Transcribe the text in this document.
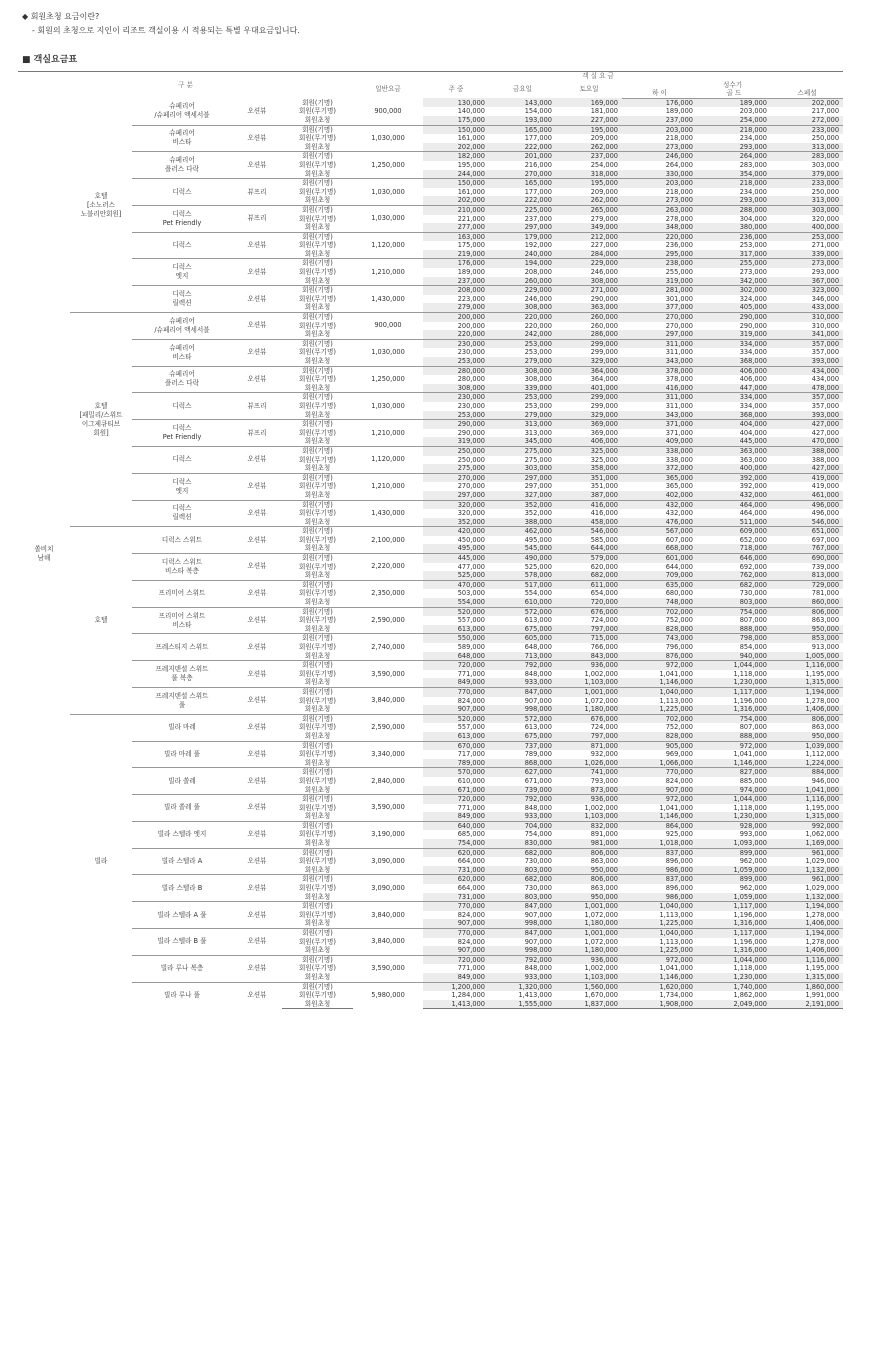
◆ 회원초청 요금이란?
- 회원의 초청으로 지인이 리조트 객실이용 시 적용되는 특별 우대요금입니다.
■ 객실요금표
구 분					객 실 요 금						
					일반요금	주 중	금요일	토요일	성수기		
									하 이	골 드	스페셜
쏠비치
남해	호텔
[소노러스
노블리안회원]	슈페리어
/슈페리어 액세서블	오션뷰	회원(기명)	900,000	130,000	143,000	169,000	176,000	189,000	202,000
				회원(무기명)		140,000	154,000	181,000	189,000	203,000	217,000
				회원초청		175,000	193,000	227,000	237,000	254,000	272,000
		슈페리어
비스타	오션뷰	회원(기명)	1,030,000	150,000	165,000	195,000	203,000	218,000	233,000
				회원(무기명)		161,000	177,000	209,000	218,000	234,000	250,000
				회원초청		202,000	222,000	262,000	273,000	293,000	313,000
		슈페리어
플러스 다락	오션뷰	회원(기명)	1,250,000	182,000	201,000	237,000	246,000	264,000	283,000
				회원(무기명)		195,000	216,000	254,000	264,000	283,000	303,000
				회원초청		244,000	270,000	318,000	330,000	354,000	379,000
		디럭스	뷰프리	회원(기명)	1,030,000	150,000	165,000	195,000	203,000	218,000	233,000
				회원(무기명)		161,000	177,000	209,000	218,000	234,000	250,000
				회원초청		202,000	222,000	262,000	273,000	293,000	313,000
		디럭스
Pet Friendly	뷰프리	회원(기명)	1,030,000	210,000	225,000	265,000	263,000	288,000	303,000
				회원(무기명)		221,000	237,000	279,000	278,000	304,000	320,000
				회원초청		277,000	297,000	349,000	348,000	380,000	400,000
		디럭스	오션뷰	회원(기명)	1,120,000	163,000	179,000	212,000	220,000	236,000	253,000
				회원(무기명)		175,000	192,000	227,000	236,000	253,000	271,000
				회원초청		219,000	240,000	284,000	295,000	317,000	339,000
		디럭스
엣지	오션뷰	회원(기명)	1,210,000	176,000	194,000	229,000	238,000	255,000	273,000
				회원(무기명)		189,000	208,000	246,000	255,000	273,000	293,000
				회원초청		237,000	260,000	308,000	319,000	342,000	367,000
		디럭스
릴렉션	오션뷰	회원(기명)	1,430,000	208,000	229,000	271,000	281,000	302,000	323,000
				회원(무기명)		223,000	246,000	290,000	301,000	324,000	346,000
				회원초청		279,000	308,000	363,000	377,000	405,000	433,000
	호텔
[패밀리/스위트
이그제큐티브
회원]	슈페리어
/슈페리어 액세서블	오션뷰	회원(기명)	900,000	200,000	220,000	260,000	270,000	290,000	310,000
				회원(무기명)		200,000	220,000	260,000	270,000	290,000	310,000
				회원초청		220,000	242,000	286,000	297,000	319,000	341,000
		슈페리어
비스타	오션뷰	회원(기명)	1,030,000	230,000	253,000	299,000	311,000	334,000	357,000
				회원(무기명)		230,000	253,000	299,000	311,000	334,000	357,000
				회원초청		253,000	279,000	329,000	343,000	368,000	393,000
		슈페리어
플러스 다락	오션뷰	회원(기명)	1,250,000	280,000	308,000	364,000	378,000	406,000	434,000
				회원(무기명)		280,000	308,000	364,000	378,000	406,000	434,000
				회원초청		308,000	339,000	401,000	416,000	447,000	478,000
		디럭스	뷰프리	회원(기명)	1,030,000	230,000	253,000	299,000	311,000	334,000	357,000
				회원(무기명)		230,000	253,000	299,000	311,000	334,000	357,000
				회원초청		253,000	279,000	329,000	343,000	368,000	393,000
		디럭스
Pet Friendly	뷰프리	회원(기명)	1,210,000	290,000	313,000	369,000	371,000	404,000	427,000
				회원(무기명)		290,000	313,000	369,000	371,000	404,000	427,000
				회원초청		319,000	345,000	406,000	409,000	445,000	470,000
		디럭스	오션뷰	회원(기명)	1,120,000	250,000	275,000	325,000	338,000	363,000	388,000
				회원(무기명)		250,000	275,000	325,000	338,000	363,000	388,000
				회원초청		275,000	303,000	358,000	372,000	400,000	427,000
		디럭스
엣지	오션뷰	회원(기명)	1,210,000	270,000	297,000	351,000	365,000	392,000	419,000
				회원(무기명)		270,000	297,000	351,000	365,000	392,000	419,000
				회원초청		297,000	327,000	387,000	402,000	432,000	461,000
		디럭스
릴렉션	오션뷰	회원(기명)	1,430,000	320,000	352,000	416,000	432,000	464,000	496,000
				회원(무기명)		320,000	352,000	416,000	432,000	464,000	496,000
				회원초청		352,000	388,000	458,000	476,000	511,000	546,000
	호텔	디럭스 스위트	오션뷰	회원(기명)	2,100,000	420,000	462,000	546,000	567,000	609,000	651,000
				회원(무기명)		450,000	495,000	585,000	607,000	652,000	697,000
				회원초청		495,000	545,000	644,000	668,000	718,000	767,000
		디럭스 스위트
비스타 복층	오션뷰	회원(기명)	2,220,000	445,000	490,000	579,000	601,000	646,000	690,000
				회원(무기명)		477,000	525,000	620,000	644,000	692,000	739,000
				회원초청		525,000	578,000	682,000	709,000	762,000	813,000
		프리미어 스위트	오션뷰	회원(기명)	2,350,000	470,000	517,000	611,000	635,000	682,000	729,000
				회원(무기명)		503,000	554,000	654,000	680,000	730,000	781,000
				회원초청		554,000	610,000	720,000	748,000	803,000	860,000
		프리미어 스위트
비스타	오션뷰	회원(기명)	2,590,000	520,000	572,000	676,000	702,000	754,000	806,000
				회원(무기명)		557,000	613,000	724,000	752,000	807,000	863,000
				회원초청		613,000	675,000	797,000	828,000	888,000	950,000
		프레스티지 스위트	오션뷰	회원(기명)	2,740,000	550,000	605,000	715,000	743,000	798,000	853,000
				회원(무기명)		589,000	648,000	766,000	796,000	854,000	913,000
				회원초청		648,000	713,000	843,000	876,000	940,000	1,005,000
		프레지덴셜 스위트
풀 복층	오션뷰	회원(기명)	3,590,000	720,000	792,000	936,000	972,000	1,044,000	1,116,000
				회원(무기명)		771,000	848,000	1,002,000	1,041,000	1,118,000	1,195,000
				회원초청		849,000	933,000	1,103,000	1,146,000	1,230,000	1,315,000
		프레지덴셜 스위트
풀	오션뷰	회원(기명)	3,840,000	770,000	847,000	1,001,000	1,040,000	1,117,000	1,194,000
				회원(무기명)		824,000	907,000	1,072,000	1,113,000	1,196,000	1,278,000
				회원초청		907,000	998,000	1,180,000	1,225,000	1,316,000	1,406,000
	빌라	빌라 마레	오션뷰	회원(기명)	2,590,000	520,000	572,000	676,000	702,000	754,000	806,000
				회원(무기명)		557,000	613,000	724,000	752,000	807,000	863,000
				회원초청		613,000	675,000	797,000	828,000	888,000	950,000
		빌라 마레 풀	오션뷰	회원(기명)	3,340,000	670,000	737,000	871,000	905,000	972,000	1,039,000
				회원(무기명)		717,000	789,000	932,000	969,000	1,041,000	1,112,000
				회원초청		789,000	868,000	1,026,000	1,066,000	1,146,000	1,224,000
		빌라 쏠레	오션뷰	회원(기명)	2,840,000	570,000	627,000	741,000	770,000	827,000	884,000
				회원(무기명)		610,000	671,000	793,000	824,000	885,000	946,000
				회원초청		671,000	739,000	873,000	907,000	974,000	1,041,000
		빌라 쏠레 풀	오션뷰	회원(기명)	3,590,000	720,000	792,000	936,000	972,000	1,044,000	1,116,000
				회원(무기명)		771,000	848,000	1,002,000	1,041,000	1,118,000	1,195,000
				회원초청		849,000	933,000	1,103,000	1,146,000	1,230,000	1,315,000
		빌라 스텔라 엣지	오션뷰	회원(기명)	3,190,000	640,000	704,000	832,000	864,000	928,000	992,000
				회원(무기명)		685,000	754,000	891,000	925,000	993,000	1,062,000
				회원초청		754,000	830,000	981,000	1,018,000	1,093,000	1,169,000
		빌라 스텔라 A	오션뷰	회원(기명)	3,090,000	620,000	682,000	806,000	837,000	899,000	961,000
				회원(무기명)		664,000	730,000	863,000	896,000	962,000	1,029,000
				회원초청		731,000	803,000	950,000	986,000	1,059,000	1,132,000
		빌라 스텔라 B	오션뷰	회원(기명)	3,090,000	620,000	682,000	806,000	837,000	899,000	961,000
				회원(무기명)		664,000	730,000	863,000	896,000	962,000	1,029,000
				회원초청		731,000	803,000	950,000	986,000	1,059,000	1,132,000
		빌라 스텔라 A 풀	오션뷰	회원(기명)	3,840,000	770,000	847,000	1,001,000	1,040,000	1,117,000	1,194,000
				회원(무기명)		824,000	907,000	1,072,000	1,113,000	1,196,000	1,278,000
				회원초청		907,000	998,000	1,180,000	1,225,000	1,316,000	1,406,000
		빌라 스텔라 B 풀	오션뷰	회원(기명)	3,840,000	770,000	847,000	1,001,000	1,040,000	1,117,000	1,194,000
				회원(무기명)		824,000	907,000	1,072,000	1,113,000	1,196,000	1,278,000
				회원초청		907,000	998,000	1,180,000	1,225,000	1,316,000	1,406,000
		빌라 루나 복층	오션뷰	회원(기명)	3,590,000	720,000	792,000	936,000	972,000	1,044,000	1,116,000
				회원(무기명)		771,000	848,000	1,002,000	1,041,000	1,118,000	1,195,000
				회원초청		849,000	933,000	1,103,000	1,146,000	1,230,000	1,315,000
		빌라 루나 풀	오션뷰	회원(기명)	5,980,000	1,200,000	1,320,000	1,560,000	1,620,000	1,740,000	1,860,000
				회원(무기명)		1,284,000	1,413,000	1,670,000	1,734,000	1,862,000	1,991,000
				회원초청		1,413,000	1,555,000	1,837,000	1,908,000	2,049,000	2,191,000
